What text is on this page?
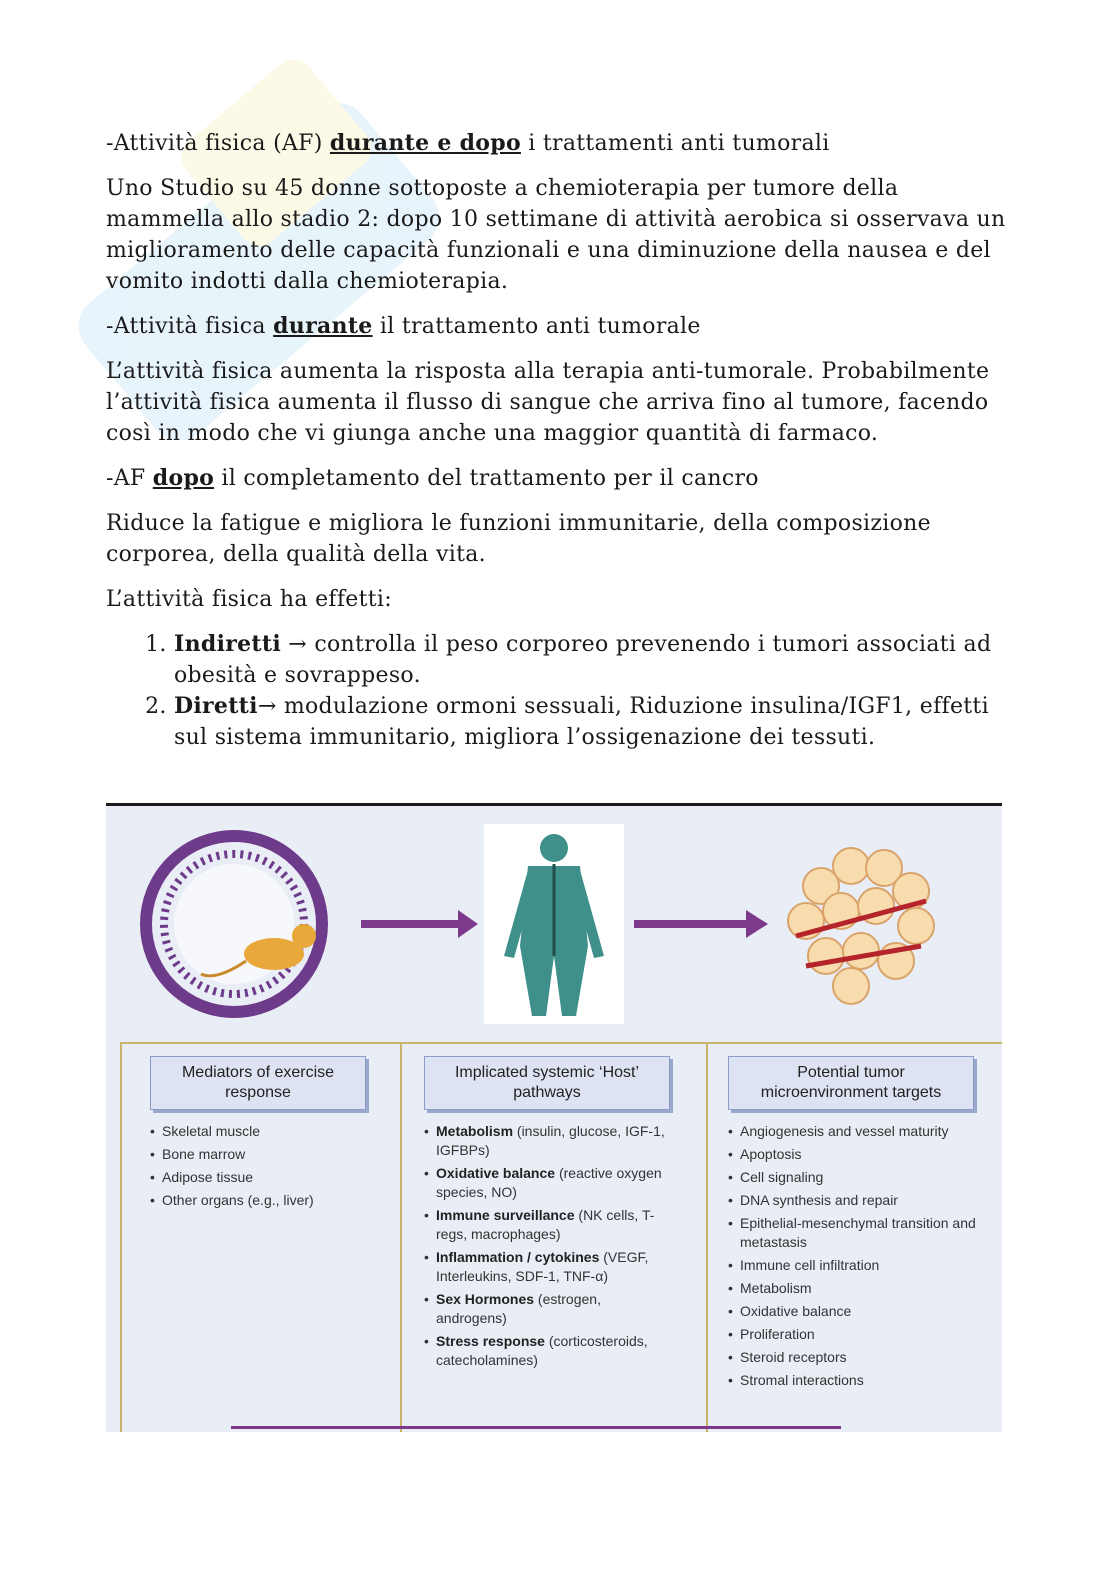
-Attività fisica (AF) durante e dopo i trattamenti anti tumorali

Uno Studio su 45 donne sottoposte a chemioterapia per tumore della mammella allo stadio 2: dopo 10 settimane di attività aerobica si osservava un miglioramento delle capacità funzionali e una diminuzione della nausea e del vomito indotti dalla chemioterapia.

-Attività fisica durante il trattamento anti tumorale

L’attività fisica aumenta la risposta alla terapia anti-tumorale. Probabilmente l’attività fisica aumenta il flusso di sangue che arriva fino al tumore, facendo così in modo che vi giunga anche una maggior quantità di farmaco.

-AF dopo il completamento del trattamento per il cancro

Riduce la fatigue e migliora le funzioni immunitarie, della composizione corporea, della qualità della vita.

L’attività fisica ha effetti:

1. Indiretti → controlla il peso corporeo prevenendo i tumori associati ad obesità e sovrappeso.
2. Diretti→ modulazione ormoni sessuali, Riduzione insulina/IGF1, effetti sul sistema immunitario, migliora l’ossigenazione dei tessuti.
Mediators of exercise response
• Skeletal muscle
• Bone marrow
• Adipose tissue
• Other organs (e.g., liver)
Implicated systemic ‘Host’ pathways
• Metabolism (insulin, glucose, IGF-1, IGFBPs)
• Oxidative balance (reactive oxygen species, NO)
• Immune surveillance (NK cells, T-regs, macrophages)
• Inflammation / cytokines (VEGF, Interleukins, SDF-1, TNF-α)
• Sex Hormones (estrogen, androgens)
• Stress response (corticosteroids, catecholamines)
Potential tumor microenvironment targets
• Angiogenesis and vessel maturity
• Apoptosis
• Cell signaling
• DNA synthesis and repair
• Epithelial-mesenchymal transition and metastasis
• Immune cell infiltration
• Metabolism
• Oxidative balance
• Proliferation
• Steroid receptors
• Stromal interactions
